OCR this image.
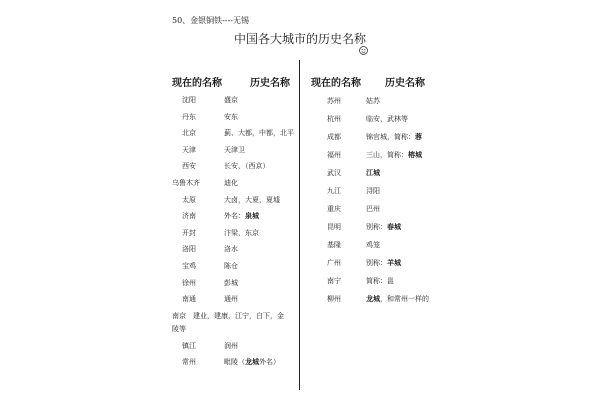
50、金银铜铁----无锡
中国各大城市的历史名称
现在的名称	历史名称
沈阳	盛京
丹东	安东
北京	蓟、大都，中都，北平
天津	天津卫
西安	长安，（西京）
乌鲁木齐	迪化
太原	大卤，大夏，夏墟
济南	外名：泉城
开封	汴梁，东京
洛阳	洛水
宝鸡	陈仓
徐州	彭城
南通	通州
南京　建业，建康，江宁，白下，金陵等
镇江	润州
常州	毗陵（龙城外名）
现在的名称 历史名称
苏州	姑苏
杭州	临安，武林等
成都	锦官城，简称：蓉
福州	三山，简称：榕城
武汉	江城
九江	浔阳
重庆	巴州
昆明	别称：春城
基隆	鸡笼
广州	别称：羊城
南宁	简称：邕
柳州	龙城，和常州一样的
